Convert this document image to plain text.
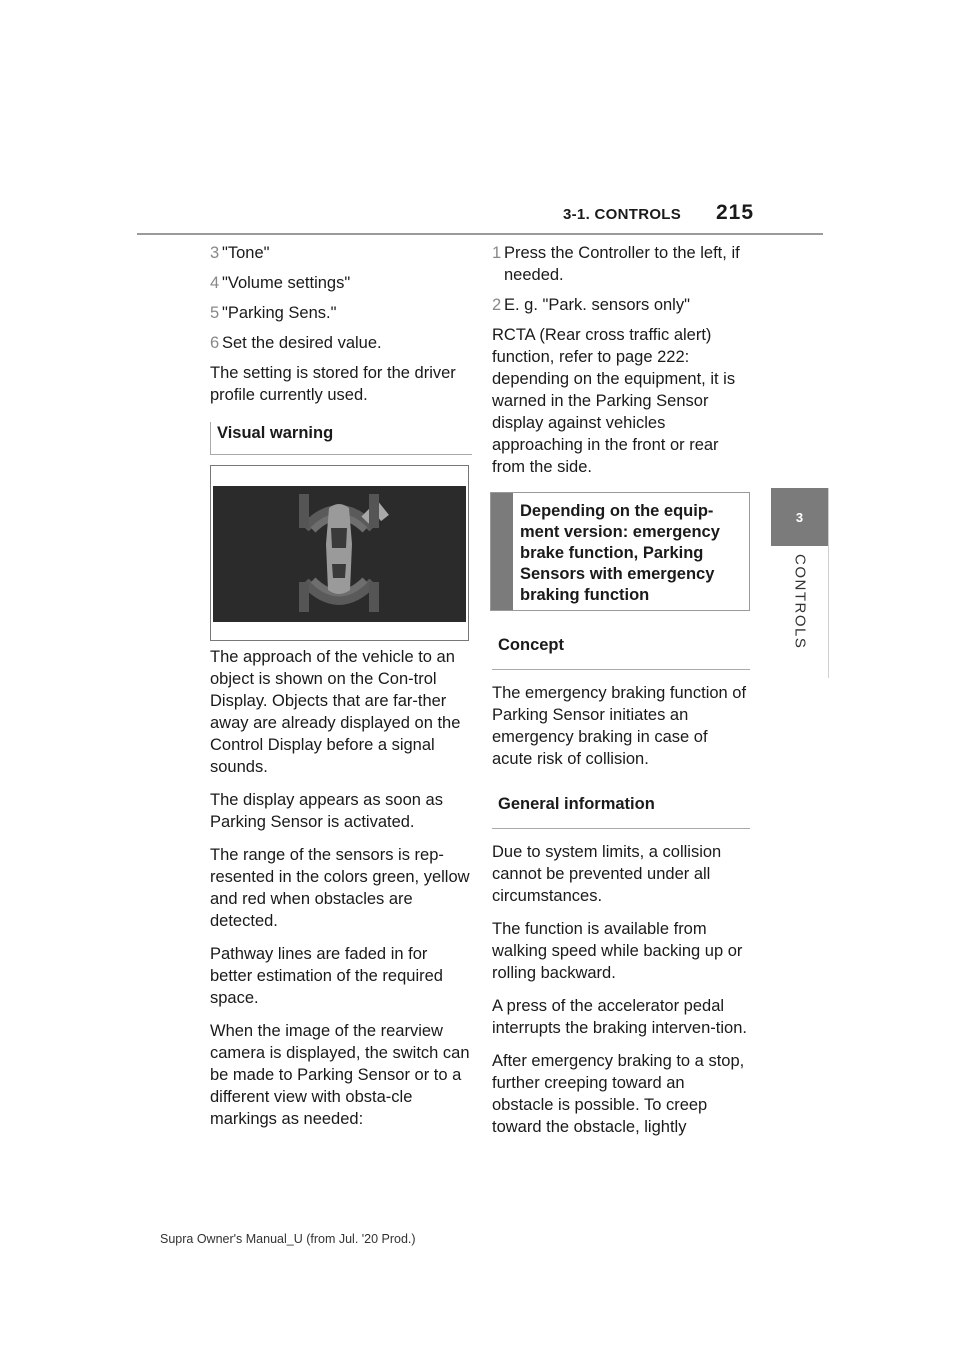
3-1. CONTROLS 215
3
CONTROLS
3 "Tone"
4 "Volume settings"
5 "Parking Sens."
6 Set the desired value.

The setting is stored for the driver profile currently used.

Visual warning

The approach of the vehicle to an object is shown on the Con-trol Display. Objects that are far-ther away are already displayed on the Control Display before a signal sounds.

The display appears as soon as Parking Sensor is activated.

The range of the sensors is rep-resented in the colors green, yellow and red when obstacles are detected.

Pathway lines are faded in for better estimation of the required space.

When the image of the rearview camera is displayed, the switch can be made to Parking Sensor or to a different view with obsta-cle markings as needed:

1 Press the Controller to the left, if needed.
2 E. g. "Park. sensors only"

RCTA (Rear cross traffic alert) function, refer to page 222: depending on the equipment, it is warned in the Parking Sensor display against vehicles approaching in the front or rear from the side.

Depending on the equip-ment version: emergency brake function, Parking Sensors with emergency braking function
Concept

The emergency braking function of Parking Sensor initiates an emergency braking in case of acute risk of collision.

General information

Due to system limits, a collision cannot be prevented under all circumstances.

The function is available from walking speed while backing up or rolling backward.

A press of the accelerator pedal interrupts the braking interven-tion.

After emergency braking to a stop, further creeping toward an obstacle is possible. To creep toward the obstacle, lightly

Supra Owner's Manual_U (from Jul. '20 Prod.)
